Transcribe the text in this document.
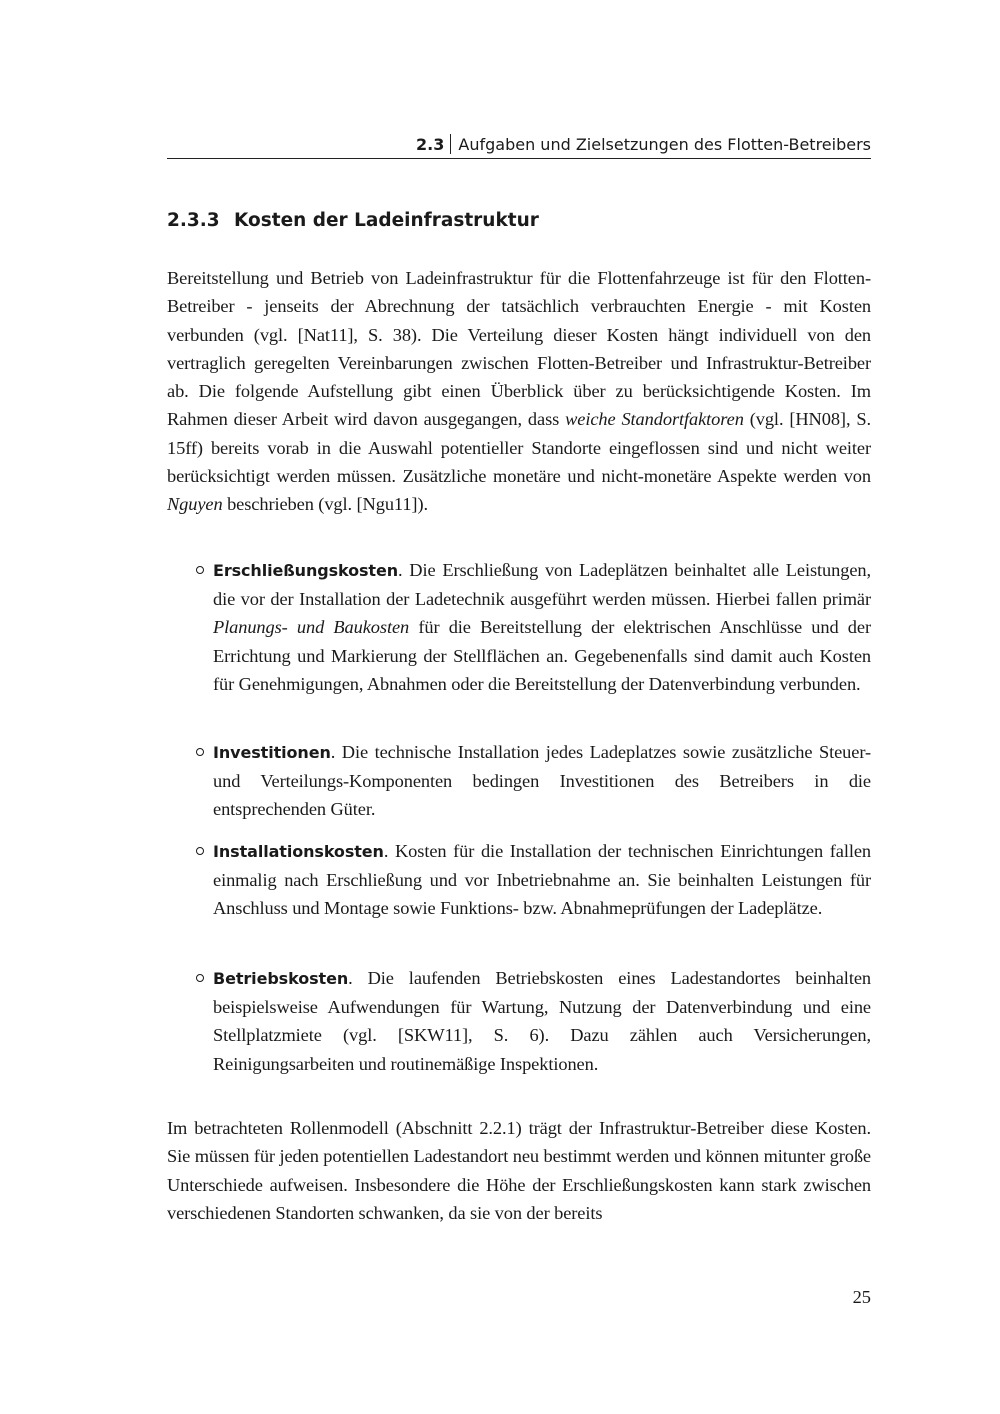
2.3 Aufgaben und Zielsetzungen des Flotten-Betreibers
2.3.3 Kosten der Ladeinfrastruktur

Bereitstellung und Betrieb von Ladeinfrastruktur für die Flottenfahrzeuge ist für den Flotten-Betreiber - jenseits der Abrechnung der tatsächlich verbrauchten Energie - mit Kosten verbunden (vgl. [Nat11], S. 38). Die Verteilung dieser Kosten hängt individuell von den vertraglich geregelten Vereinbarungen zwischen Flotten-Betreiber und Infrastruktur-Betreiber ab. Die folgende Aufstellung gibt einen Überblick über zu berücksichtigende Kosten. Im Rahmen dieser Arbeit wird davon ausgegangen, dass weiche Standortfaktoren (vgl. [HN08], S. 15ff) bereits vorab in die Auswahl potentieller Standorte eingeflossen sind und nicht weiter berücksichtigt werden müssen. Zusätzliche monetäre und nicht-monetäre Aspekte werden von Nguyen beschrieben (vgl. [Ngu11]).

Erschließungskosten. Die Erschließung von Ladeplätzen beinhaltet alle Leistungen, die vor der Installation der Ladetechnik ausgeführt werden müssen. Hierbei fallen primär Planungs- und Baukosten für die Bereitstellung der elektrischen Anschlüsse und der Errichtung und Markierung der Stellflächen an. Gegebenenfalls sind damit auch Kosten für Genehmigungen, Abnahmen oder die Bereitstellung der Datenverbindung verbunden.
Investitionen. Die technische Installation jedes Ladeplatzes sowie zusätzliche Steuer- und Verteilungs-Komponenten bedingen Investitionen des Betreibers in die entsprechenden Güter.
Installationskosten. Kosten für die Installation der technischen Einrichtungen fallen einmalig nach Erschließung und vor Inbetriebnahme an. Sie beinhalten Leistungen für Anschluss und Montage sowie Funktions- bzw. Abnahmeprüfungen der Ladeplätze.
Betriebskosten. Die laufenden Betriebskosten eines Ladestandortes beinhalten beispielsweise Aufwendungen für Wartung, Nutzung der Datenverbindung und eine Stellplatzmiete (vgl. [SKW11], S. 6). Dazu zählen auch Versicherungen, Reinigungsarbeiten und routinemäßige Inspektionen.

Im betrachteten Rollenmodell (Abschnitt 2.2.1) trägt der Infrastruktur-Betreiber diese Kosten. Sie müssen für jeden potentiellen Ladestandort neu bestimmt werden und können mitunter große Unterschiede aufweisen. Insbesondere die Höhe der Erschließungskosten kann stark zwischen verschiedenen Standorten schwanken, da sie von der bereits

25
